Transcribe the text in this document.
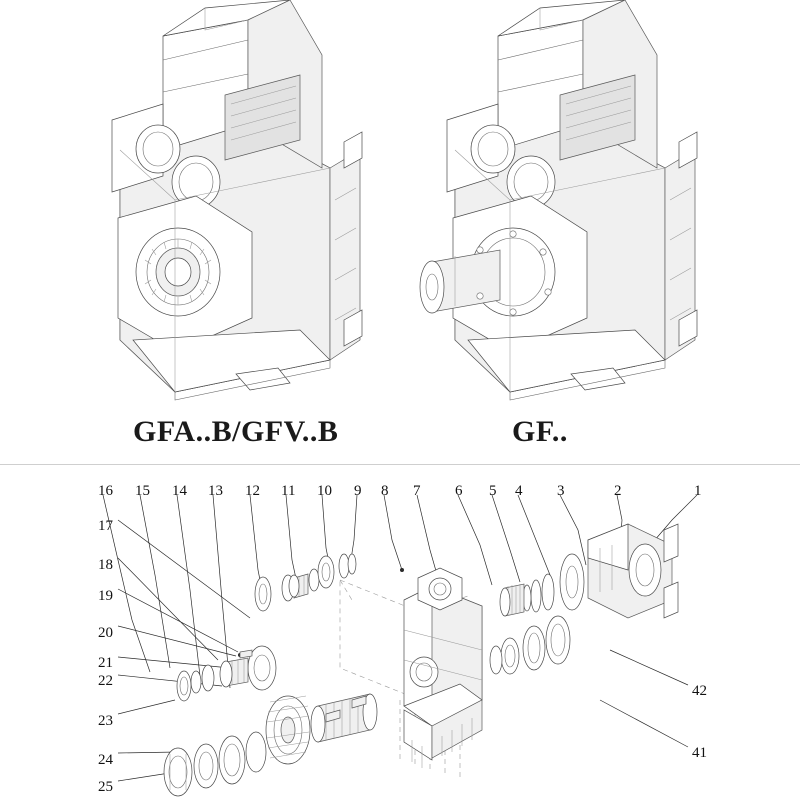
GFA..B/GFV..B	GF..
16 15 14 13 12 11 10 9 8 7 6 5 4 3	2	1
17
18
19
20
21
22
23
24
25
42
41
